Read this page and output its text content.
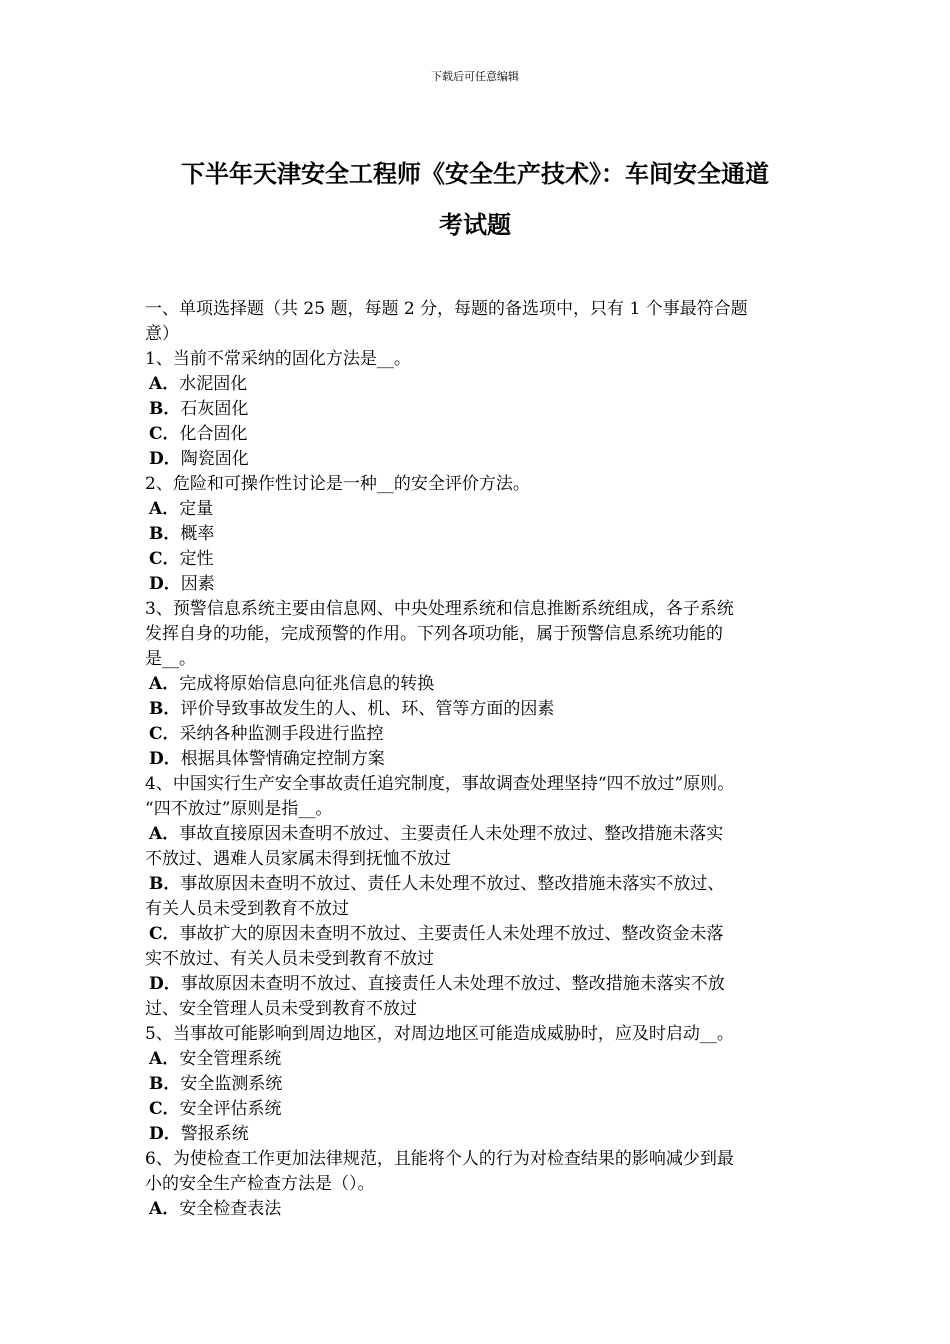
下载后可任意编辑
下半年天津安全工程师《安全生产技术》：车间安全通道
考试题
一、单项选择题（共 25 题，每题 2 分，每题的备选项中，只有 1 个事最符合题
意）
1、当前不常采纳的固化方法是__。
A．水泥固化
B．石灰固化
C．化合固化
D．陶瓷固化
2、危险和可操作性讨论是一种__的安全评价方法。
A．定量
B．概率
C．定性
D．因素
3、预警信息系统主要由信息网、中央处理系统和信息推断系统组成，各子系统
发挥自身的功能，完成预警的作用。下列各项功能，属于预警信息系统功能的
是__。
A．完成将原始信息向征兆信息的转换
B．评价导致事故发生的人、机、环、管等方面的因素
C．采纳各种监测手段进行监控
D．根据具体警情确定控制方案
4、中国实行生产安全事故责任追究制度，事故调查处理坚持“四不放过”原则。
“四不放过”原则是指__。
A．事故直接原因未查明不放过、主要责任人未处理不放过、整改措施未落实
不放过、遇难人员家属未得到抚恤不放过
B．事故原因未查明不放过、责任人未处理不放过、整改措施未落实不放过、
有关人员未受到教育不放过
C．事故扩大的原因未查明不放过、主要责任人未处理不放过、整改资金未落
实不放过、有关人员未受到教育不放过
D．事故原因未查明不放过、直接责任人未处理不放过、整改措施未落实不放
过、安全管理人员未受到教育不放过
5、当事故可能影响到周边地区，对周边地区可能造成威胁时，应及时启动__。
A．安全管理系统
B．安全监测系统
C．安全评估系统
D．警报系统
6、为使检查工作更加法律规范，且能将个人的行为对检查结果的影响减少到最
小的安全生产检查方法是（）。
A．安全检查表法
